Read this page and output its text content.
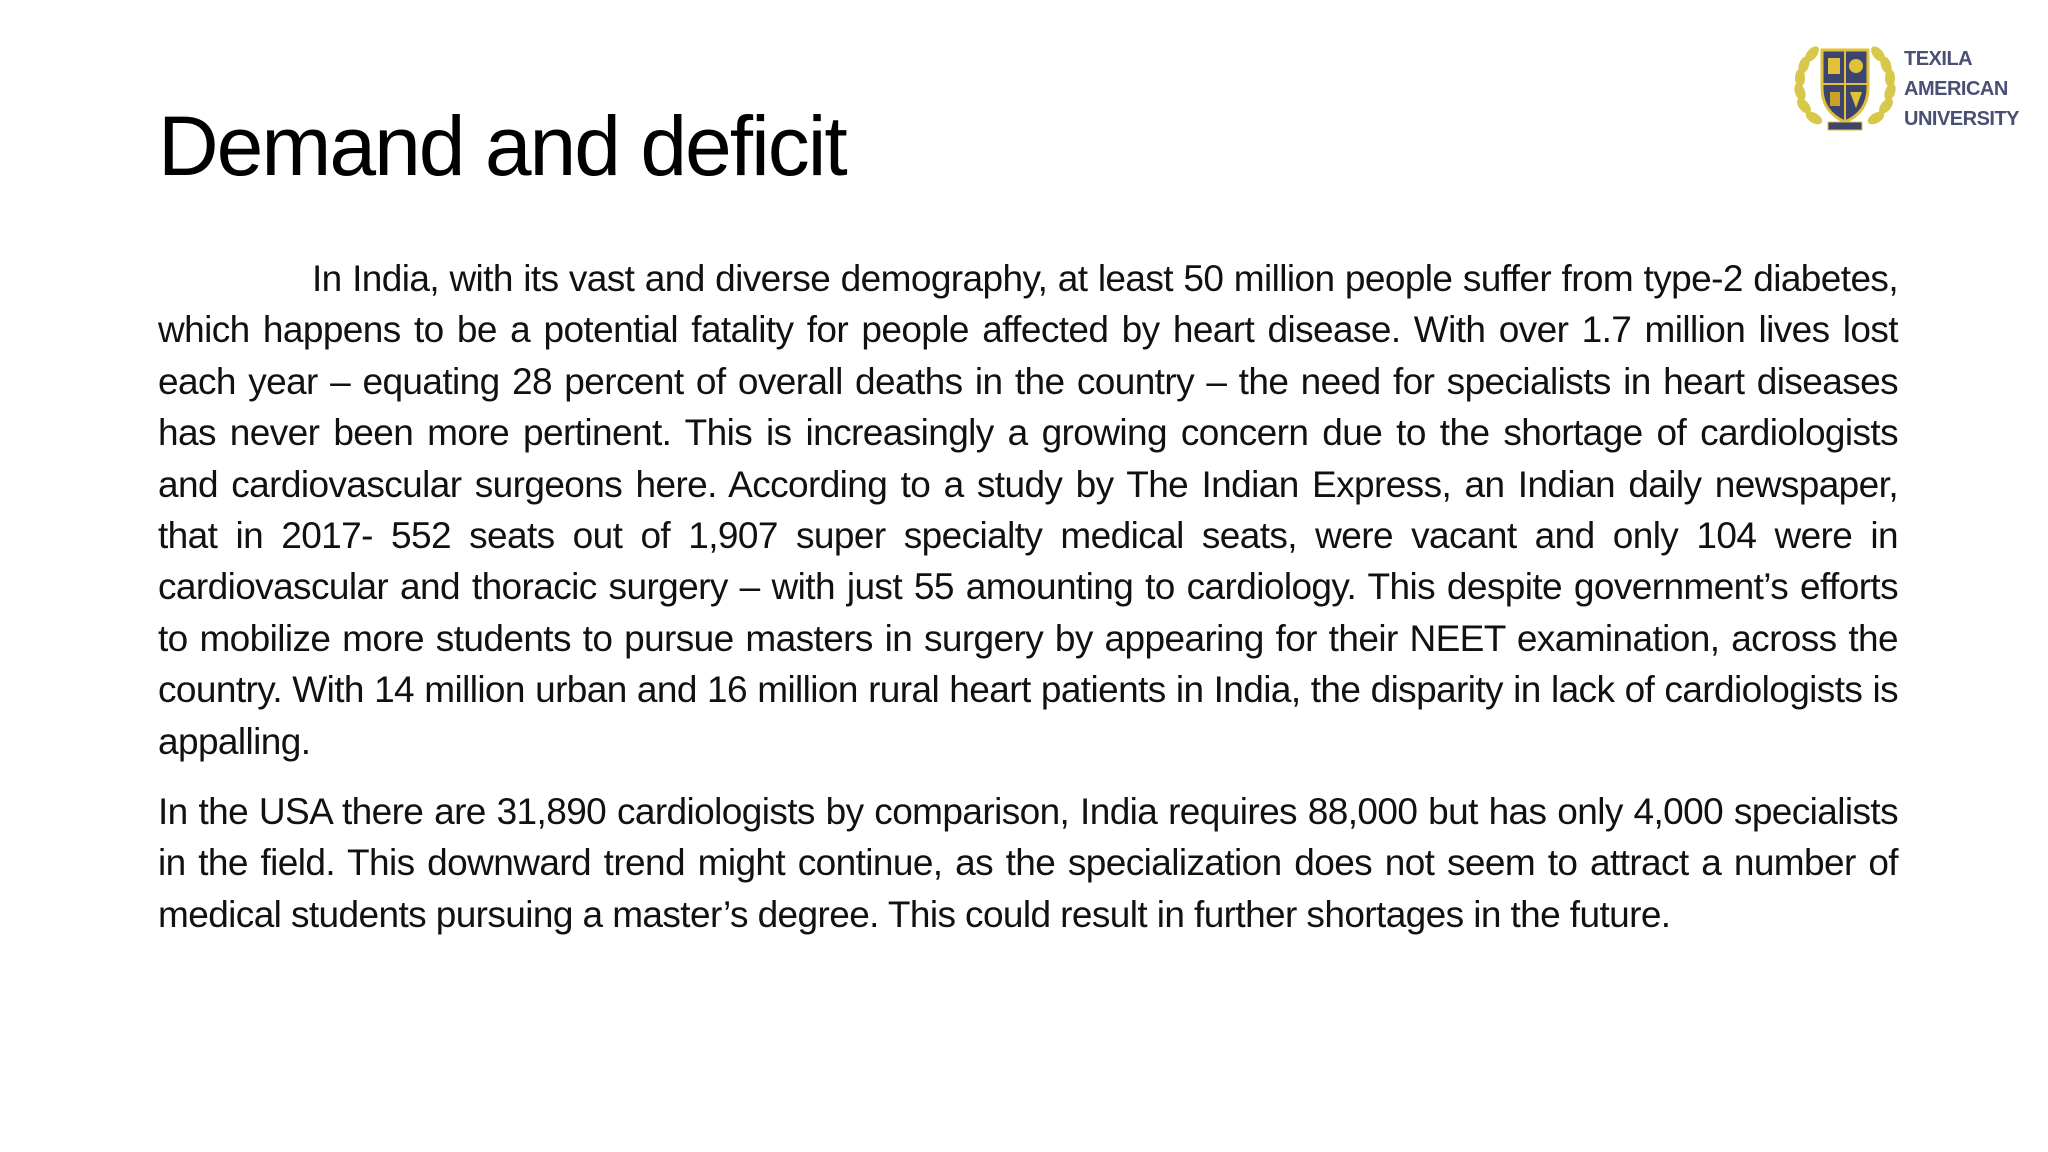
Demand and deficit
TEXILA
AMERICAN
UNIVERSITY

In India, with its vast and diverse demography, at least 50 million people suffer from type-2 diabetes, which happens to be a potential fatality for people affected by heart disease. With over 1.7 million lives lost each year – equating 28 percent of overall deaths in the country – the need for specialists in heart diseases has never been more pertinent. This is increasingly a growing concern due to the shortage of cardiologists and cardiovascular surgeons here. According to a study by The Indian Express, an Indian daily newspaper, that in 2017- 552 seats out of 1,907 super specialty medical seats, were vacant and only 104 were in cardiovascular and thoracic surgery – with just 55 amounting to cardiology. This despite government’s efforts to mobilize more students to pursue masters in surgery by appearing for their NEET examination, across the country. With 14 million urban and 16 million rural heart patients in India, the disparity in lack of cardiologists is appalling.

In the USA there are 31,890 cardiologists by comparison, India requires 88,000 but has only 4,000 specialists in the field. This downward trend might continue, as the specialization does not seem to attract a number of medical students pursuing a master’s degree. This could result in further shortages in the future.
